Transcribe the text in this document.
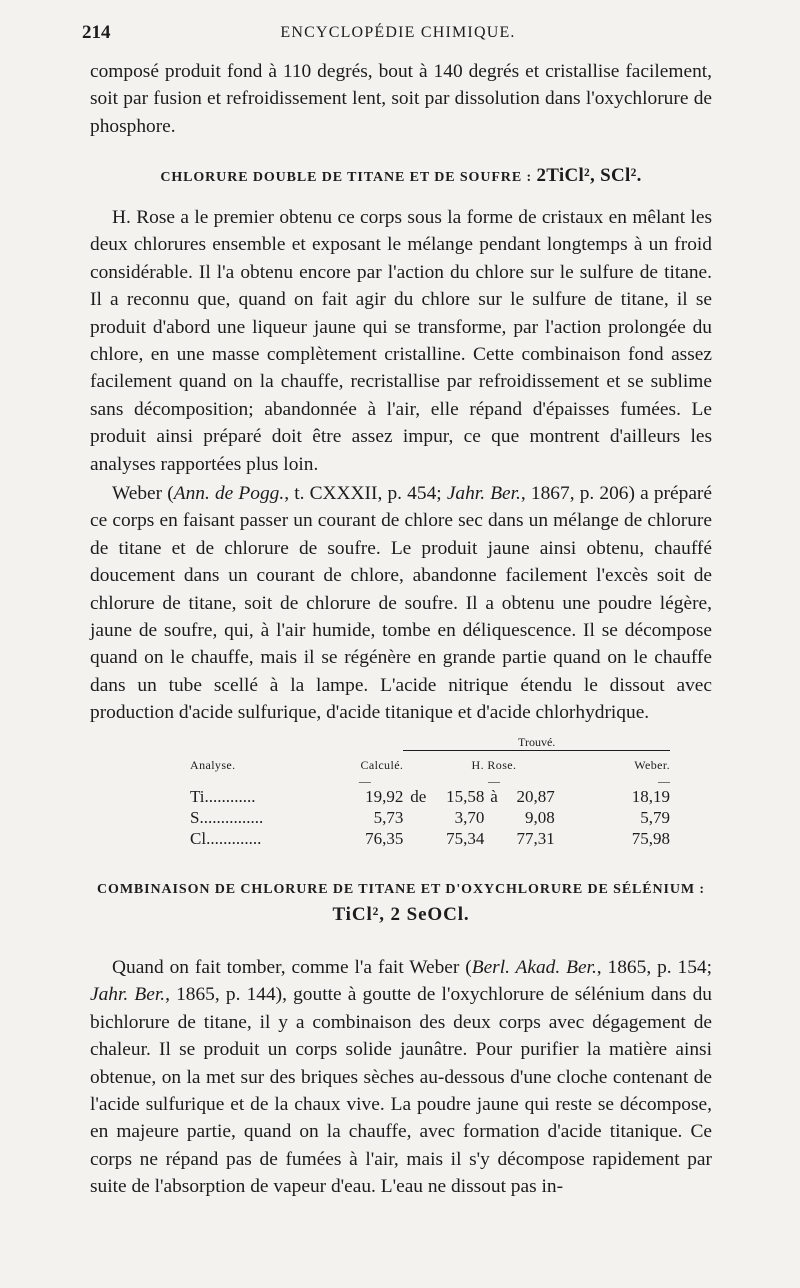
214	ENCYCLOPÉDIE CHIMIQUE.

composé produit fond à 110 degrés, bout à 140 degrés et cristallise facilement, soit par fusion et refroidissement lent, soit par dissolution dans l'oxychlorure de phosphore.

CHLORURE DOUBLE DE TITANE ET DE SOUFRE : 2TiCl², SCl².

H. Rose a le premier obtenu ce corps sous la forme de cristaux en mêlant les deux chlorures ensemble et exposant le mélange pendant longtemps à un froid considérable. Il l'a obtenu encore par l'action du chlore sur le sulfure de titane. Il a reconnu que, quand on fait agir du chlore sur le sulfure de titane, il se produit d'abord une liqueur jaune qui se transforme, par l'action prolongée du chlore, en une masse complètement cristalline. Cette combinaison fond assez facilement quand on la chauffe, recristallise par refroidissement et se sublime sans décomposition; abandonnée à l'air, elle répand d'épaisses fumées. Le produit ainsi préparé doit être assez impur, ce que montrent d'ailleurs les analyses rapportées plus loin.

Weber (Ann. de Pogg., t. CXXXII, p. 454; Jahr. Ber., 1867, p. 206) a préparé ce corps en faisant passer un courant de chlore sec dans un mélange de chlorure de titane et de chlorure de soufre. Le produit jaune ainsi obtenu, chauffé doucement dans un courant de chlore, abandonne facilement l'excès soit de chlorure de titane, soit de chlorure de soufre. Il a obtenu une poudre légère, jaune de soufre, qui, à l'air humide, tombe en déliquescence. Il se décompose quand on le chauffe, mais il se régénère en grande partie quand on le chauffe dans un tube scellé à la lampe. L'acide nitrique étendu le dissout avec production d'acide sulfurique, d'acide titanique et d'acide chlorhydrique.

		Trouvé.					

Analyse.	Calculé.		H. Rose.				Weber.
	—		—				—
Ti............	19,92	de	15,58	à	20,87		18,19
S...............	5,73		3,70		9,08		5,79
Cl.............	76,35		75,34		77,31		75,98
COMBINAISON DE CHLORURE DE TITANE ET D'OXYCHLORURE DE SÉLÉNIUM :
TiCl², 2 SeOCl.

Quand on fait tomber, comme l'a fait Weber (Berl. Akad. Ber., 1865, p. 154; Jahr. Ber., 1865, p. 144), goutte à goutte de l'oxychlorure de sélénium dans du bichlorure de titane, il y a combinaison des deux corps avec dégagement de chaleur. Il se produit un corps solide jaunâtre. Pour purifier la matière ainsi obtenue, on la met sur des briques sèches au-dessous d'une cloche contenant de l'acide sulfurique et de la chaux vive. La poudre jaune qui reste se décompose, en majeure partie, quand on la chauffe, avec formation d'acide titanique. Ce corps ne répand pas de fumées à l'air, mais il s'y décompose rapidement par suite de l'absorption de vapeur d'eau. L'eau ne dissout pas in-
